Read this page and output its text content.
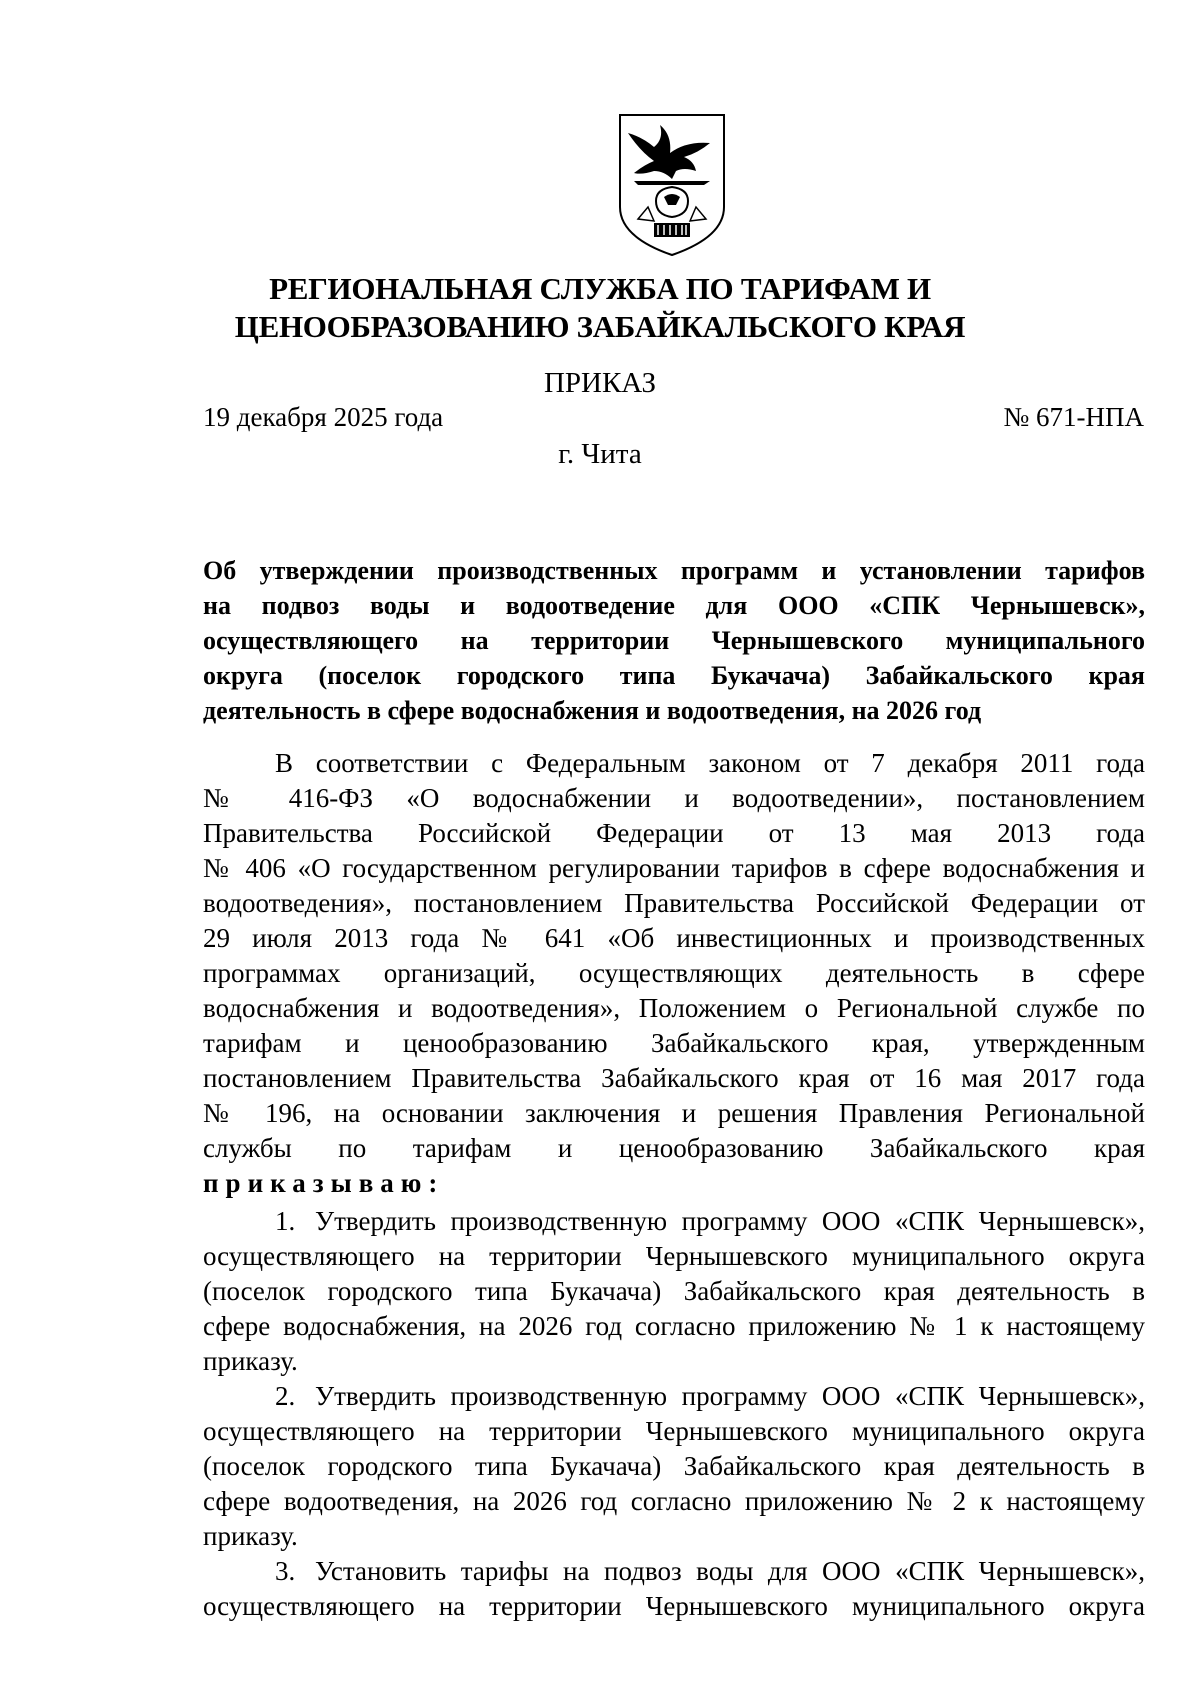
РЕГИОНАЛЬНАЯ СЛУЖБА ПО ТАРИФАМ И
ЦЕНООБРАЗОВАНИЮ ЗАБАЙКАЛЬСКОГО КРАЯ
ПРИКАЗ
19 декабря 2025 года	№ 671-НПА
г. Чита
Об утверждении производственных программ и установлении тарифов
на подвоз воды и водоотведение для ООО «СПК Чернышевск»,
осуществляющего на территории Чернышевского муниципального
округа (поселок городского типа Букачача) Забайкальского края
деятельность в сфере водоснабжения и водоотведения, на 2026 год
В соответствии с Федеральным законом от 7 декабря 2011 года
№ 416-ФЗ «О водоснабжении и водоотведении», постановлением
Правительства Российской Федерации от 13 мая 2013 года
№ 406 «О государственном регулировании тарифов в сфере водоснабжения и
водоотведения», постановлением Правительства Российской Федерации от
29 июля 2013 года № 641 «Об инвестиционных и производственных
программах организаций, осуществляющих деятельность в сфере
водоснабжения и водоотведения», Положением о Региональной службе по
тарифам и ценообразованию Забайкальского края, утвержденным
постановлением Правительства Забайкальского края от 16 мая 2017 года
№ 196, на основании заключения и решения Правления Региональной
службы по тарифам и ценообразованию Забайкальского края
приказываю:
1. Утвердить производственную программу ООО «СПК Чернышевск»,
осуществляющего на территории Чернышевского муниципального округа
(поселок городского типа Букачача) Забайкальского края деятельность в
сфере водоснабжения, на 2026 год согласно приложению № 1 к настоящему
приказу.
2. Утвердить производственную программу ООО «СПК Чернышевск»,
осуществляющего на территории Чернышевского муниципального округа
(поселок городского типа Букачача) Забайкальского края деятельность в
сфере водоотведения, на 2026 год согласно приложению № 2 к настоящему
приказу.
3. Установить тарифы на подвоз воды для ООО «СПК Чернышевск»,
осуществляющего на территории Чернышевского муниципального округа
